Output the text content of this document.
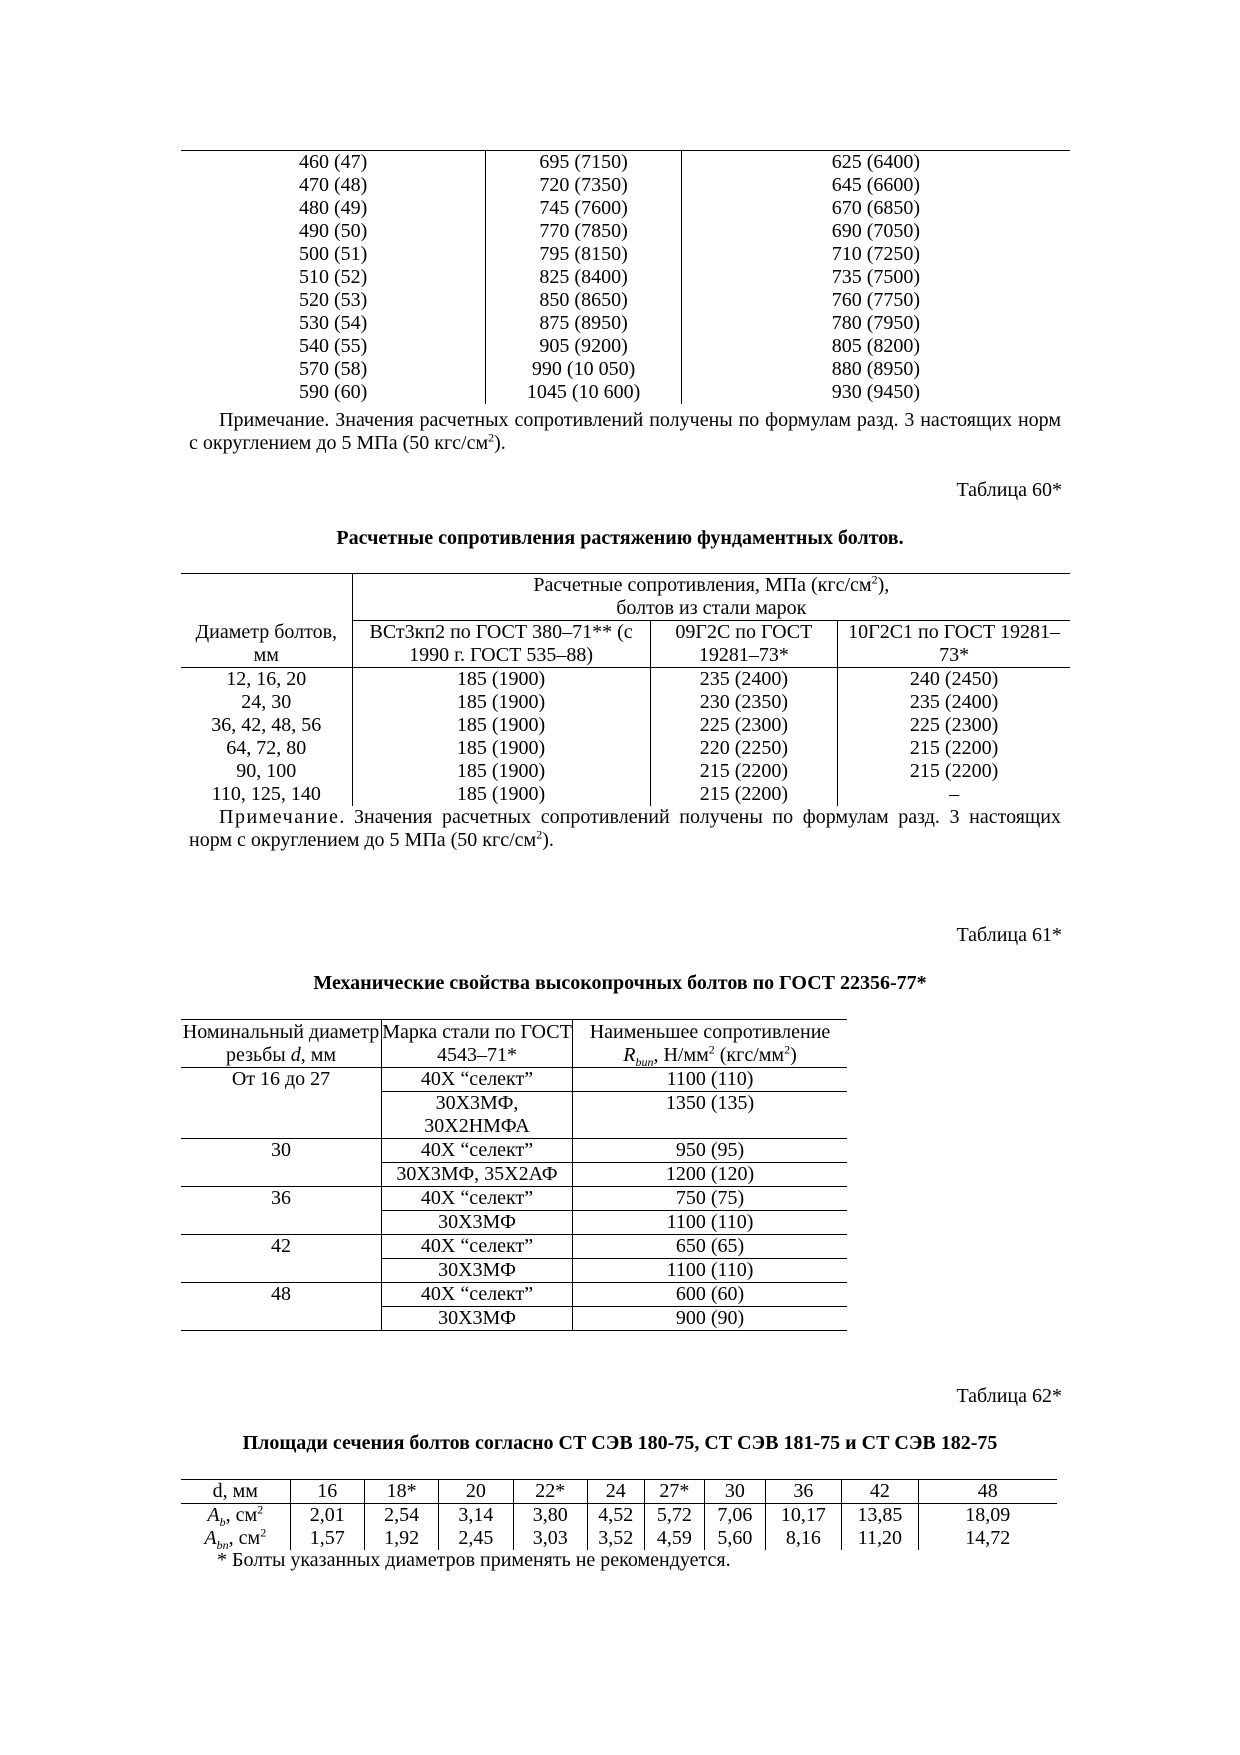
460 (47)	695 (7150)	625 (6400)
470 (48)	720 (7350)	645 (6600)
480 (49)	745 (7600)	670 (6850)
490 (50)	770 (7850)	690 (7050)
500 (51)	795 (8150)	710 (7250)
510 (52)	825 (8400)	735 (7500)
520 (53)	850 (8650)	760 (7750)
530 (54)	875 (8950)	780 (7950)
540 (55)	905 (9200)	805 (8200)
570 (58)	990 (10 050)	880 (8950)
590 (60)	1045 (10 600)	930 (9450)
Примечание. Значения расчетных сопротивлений получены по формулам разд. 3 настоящих норм с округлением до 5 МПа (50 кгс/$см^2$).
Таблица 60*
Расчетные сопротивления растяжению фундаментных болтов.
Диаметр болтов, мм	Расчетные сопротивления, МПа $(кгс/см^2)$,
болтов из стали марок		
	ВСт3кп2 по ГОСТ 380–71** (с 1990 г. ГОСТ 535–88)	09Г2С по ГОСТ 19281–73*	10Г2С1 по ГОСТ 19281–73*
12, 16, 20	185 (1900)	235 (2400)	240 (2450)
24, 30	185 (1900)	230 (2350)	235 (2400)
36, 42, 48, 56	185 (1900)	225 (2300)	225 (2300)
64, 72, 80	185 (1900)	220 (2250)	215 (2200)
90, 100	185 (1900)	215 (2200)	215 (2200)
110, 125, 140	185 (1900)	215 (2200)	–
Примечание. Значения расчетных сопротивлений получены по формулам разд. 3 настоящих норм с округлением до 5 МПа (50 кгс/$см^2$).
Таблица 61*
Механические свойства высокопрочных болтов по ГОСТ 22356-77*
Номинальный диаметр резьбы d, мм	Марка стали по ГОСТ 4543–71*	Наименьшее сопротивление
$R_{bun}$, $Н/мм^2$ $(кгс/мм^2)$
От 16 до 27	40Х “селект”	1100 (110)
	30Х3МФ, 30Х2НМФА	1350 (135)
30	40Х “селект”	950 (95)
	30Х3МФ, 35Х2АФ	1200 (120)
36	40Х “селект”	750 (75)
	30Х3МФ	1100 (110)
42	40Х “селект”	650 (65)
	30Х3МФ	1100 (110)
48	40Х “селект”	600 (60)
	30Х3МФ	900 (90)
Таблица 62*
Площади сечения болтов согласно СТ СЭВ 180-75, СТ СЭВ 181-75 и СТ СЭВ 182-75
d, мм	16	18*	20	22*	24	27*	30	36	42	48
$A_b$, $см^2$	2,01	2,54	3,14	3,80	4,52	5,72	7,06	10,17	13,85	18,09
$A_{bn}$, $см^2$	1,57	1,92	2,45	3,03	3,52	4,59	5,60	8,16	11,20	14,72
* Болты указанных диаметров применять не рекомендуется.
